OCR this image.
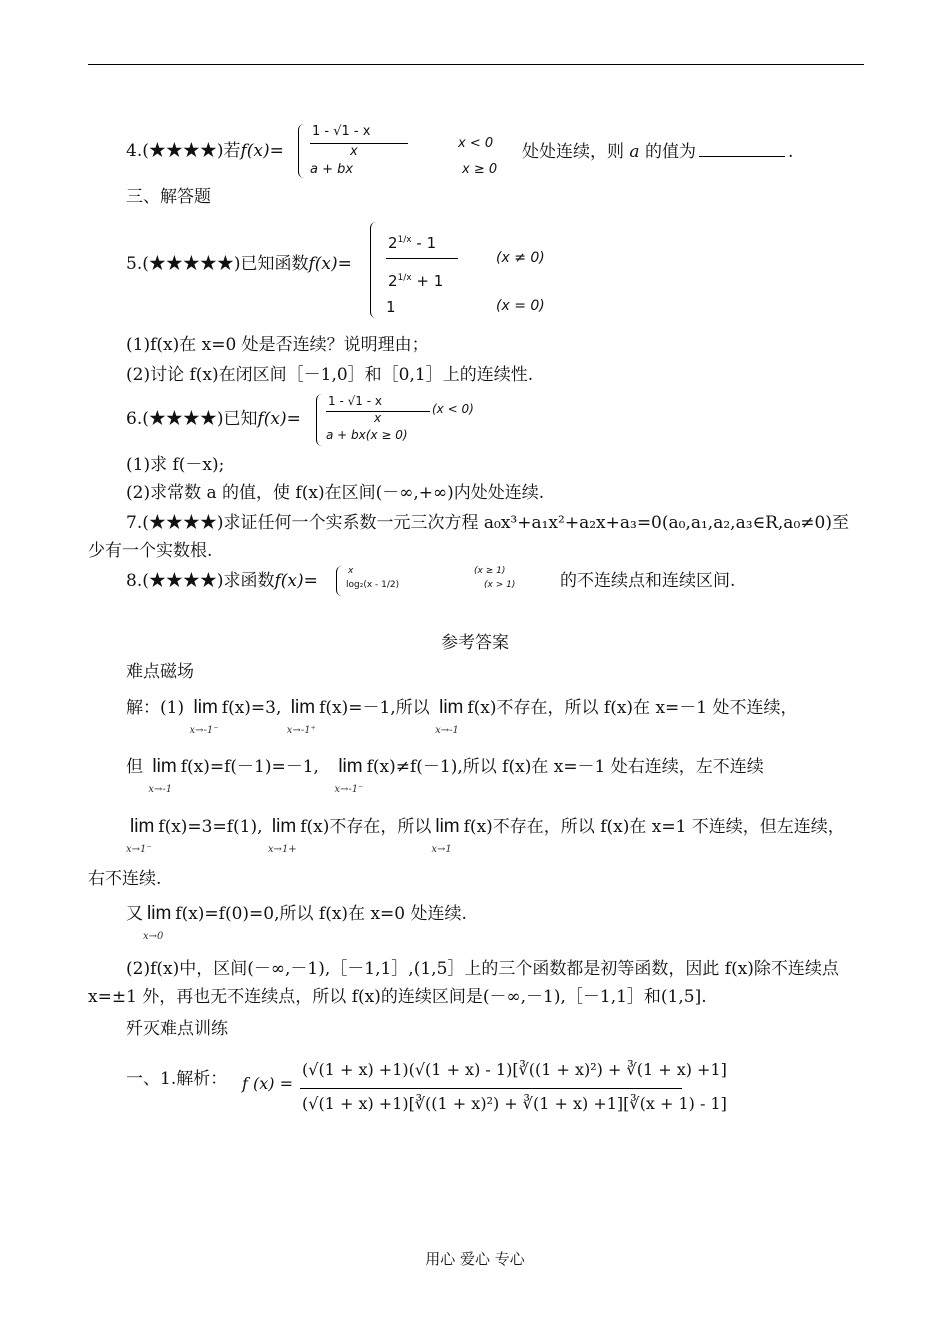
4.(★★★★)若f(x)=
1 - √1 - x
x
a + bx
x < 0
x ≥ 0
处处连续，则 a 的值为	.
三、解答题
5.(★★★★★)已知函数f(x)=
$2^{1/x} - 1$
$2^{1/x} + 1$
1
(x ≠ 0)
(x = 0)
(1)f(x)在 x=0 处是否连续？说明理由；
(2)讨论 f(x)在闭区间［－1,0］和［0,1］上的连续性.
6.(★★★★)已知f(x)=
1 - √1 - x
x
(x < 0)
a + bx(x ≥ 0)
(1)求 f(－x);
(2)求常数 a 的值，使 f(x)在区间(－∞,+∞)内处处连续.
7.(★★★★)求证任何一个实系数一元三次方程 a₀x³+a₁x²+a₂x+a₃=0(a₀,a₁,a₂,a₃∈R,a₀≠0)至
少有一个实数根.
8.(★★★★)求函数f(x)=	x
log₂(x - 1/2)
(x ≥ 1)
(x > 1)	的不连续点和连续区间.
参考答案
难点磁场
解：(1) lim
x→-1⁻
f(x)=3, lim
x→-1⁺
f(x)=－1,所以 lim
x→-1
f(x)不存在，所以 f(x)在 x=－1 处不连续，
但 lim
x→-1
f(x)=f(－1)=－1, lim
x→-1⁻
f(x)≠f(－1),所以 f(x)在 x=－1 处右连续，左不连续
lim
x→1⁻
f(x)=3=f(1), lim
x→1+
f(x)不存在，所以 lim
x→1
f(x)不存在，所以 f(x)在 x=1 不连续，但左连续，
右不连续.
又 lim
x→0
f(x)=f(0)=0,所以 f(x)在 x=0 处连续.
(2)f(x)中，区间(－∞,－1),［－1,1］,(1,5］上的三个函数都是初等函数，因此 f(x)除不连续点
x=±1 外，再也无不连续点，所以 f(x)的连续区间是(－∞,－1),［－1,1］和(1,5].
歼灭难点训练
一、1.解析： f (x) =
(√(1 + x) +1)(√(1 + x) - 1)[∛((1 + x)²) + ∛(1 + x) +1]
(√(1 + x) +1)[∛((1 + x)²) + ∛(1 + x) +1][∛(x + 1) - 1]
用心 爱心 专心
